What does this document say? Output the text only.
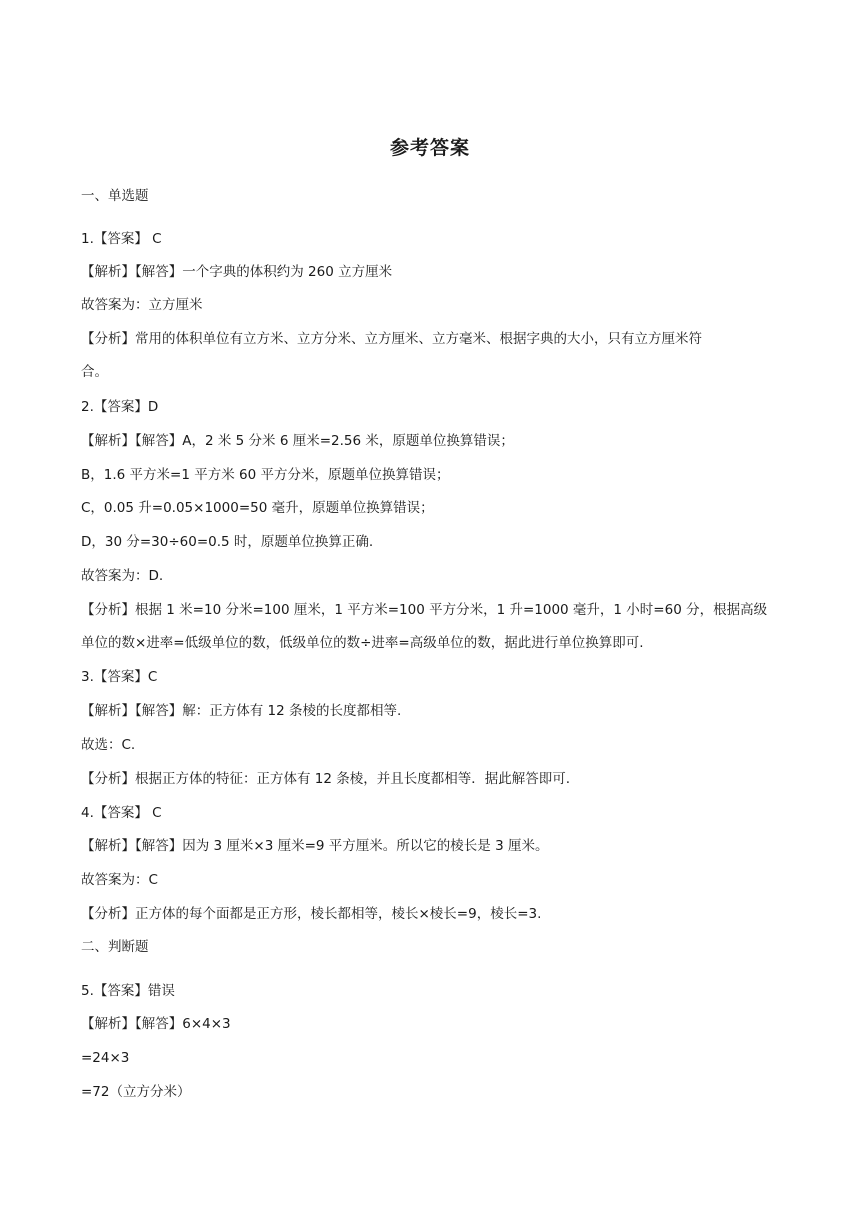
参考答案
一、单选题
1.【答案】 C
【解析】【解答】一个字典的体积约为 260 立方厘米
故答案为：立方厘米
【分析】常用的体积单位有立方米、立方分米、立方厘米、立方毫米、根据字典的大小，只有立方厘米符
合。
2.【答案】D
【解析】【解答】A，2 米 5 分米 6 厘米=2.56 米，原题单位换算错误；
B，1.6 平方米=1 平方米 60 平方分米，原题单位换算错误；
C，0.05 升=0.05×1000=50 毫升，原题单位换算错误；
D，30 分=30÷60=0.5 时，原题单位换算正确.
故答案为：D.
【分析】根据 1 米=10 分米=100 厘米，1 平方米=100 平方分米，1 升=1000 毫升，1 小时=60 分，根据高级
单位的数×进率=低级单位的数，低级单位的数÷进率=高级单位的数，据此进行单位换算即可.
3.【答案】C
【解析】【解答】解：正方体有 12 条棱的长度都相等.
故选：C.
【分析】根据正方体的特征：正方体有 12 条棱，并且长度都相等．据此解答即可.
4.【答案】 C
【解析】【解答】因为 3 厘米×3 厘米=9 平方厘米。所以它的棱长是 3 厘米。
故答案为：C
【分析】正方体的每个面都是正方形，棱长都相等，棱长×棱长=9，棱长=3.
二、判断题
5.【答案】错误
【解析】【解答】6×4×3
=24×3
=72（立方分米）
